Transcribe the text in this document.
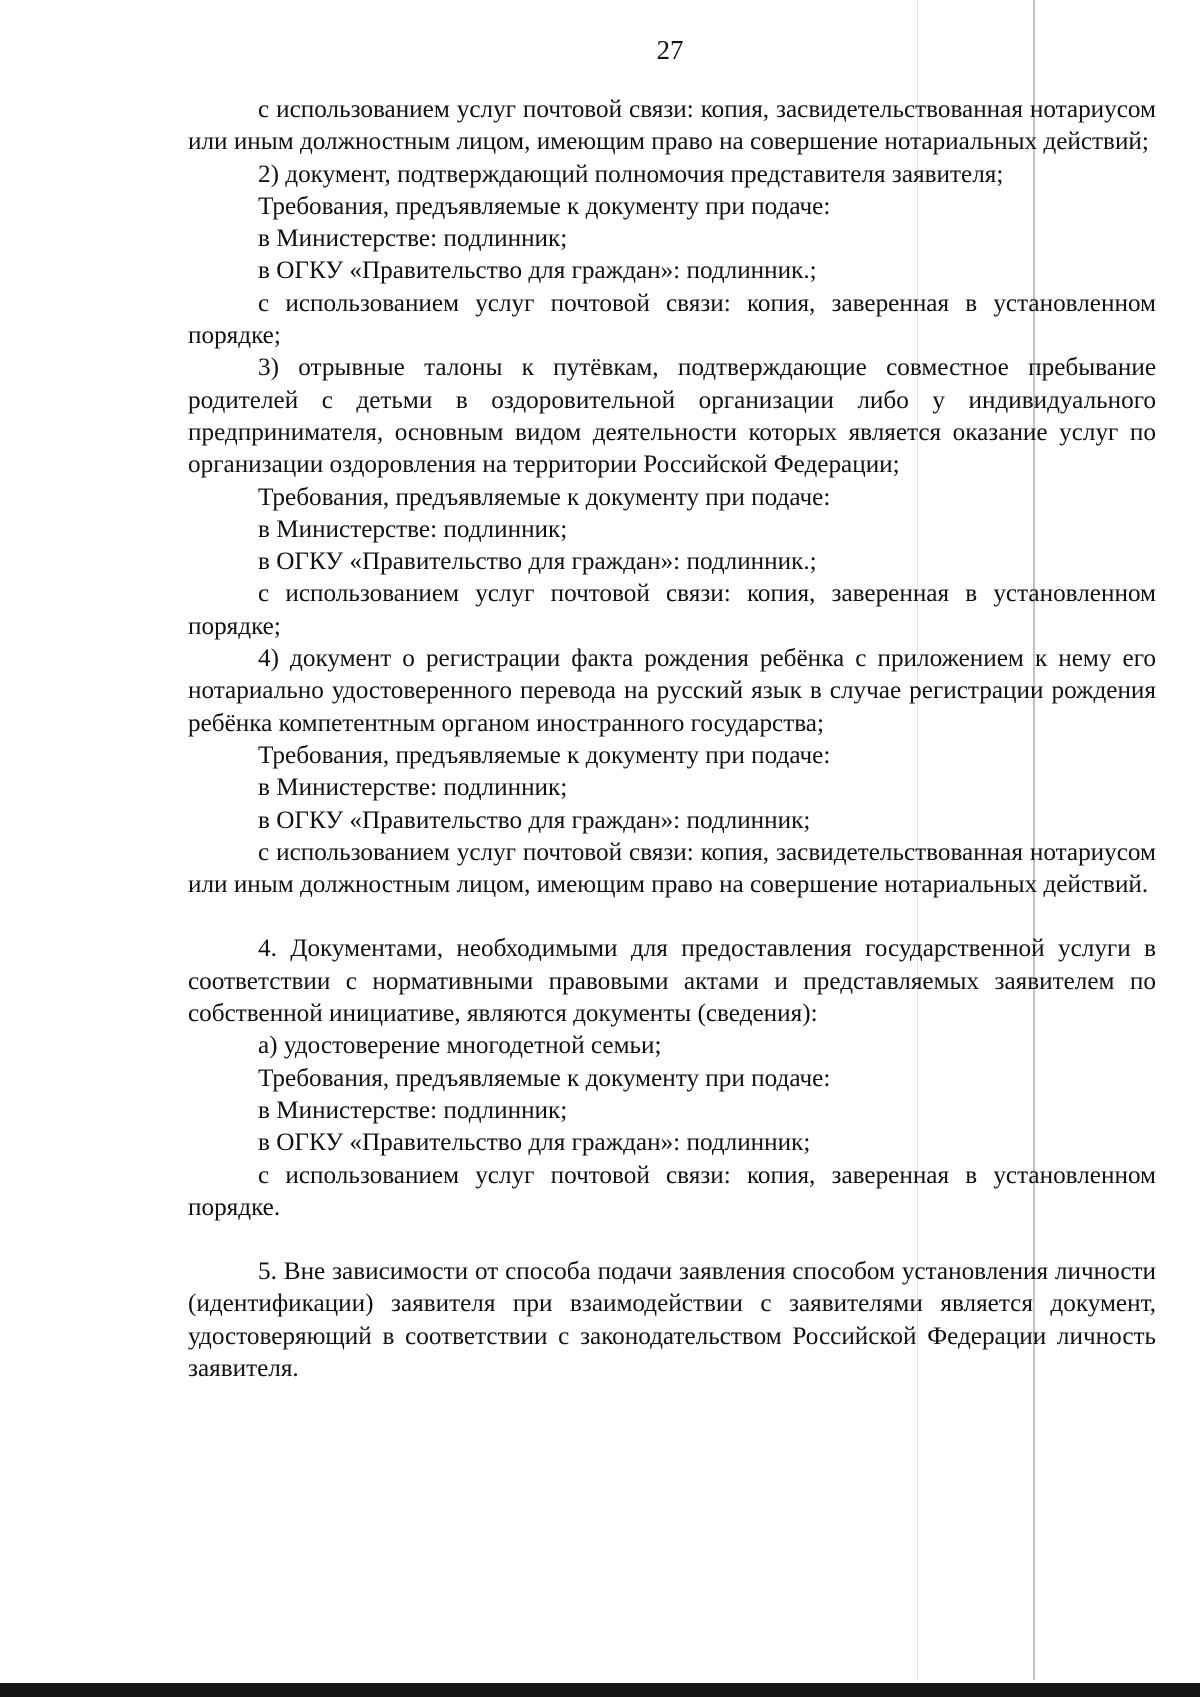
27

с использованием услуг почтовой связи: копия, засвидетельствованная нотариусом или иным должностным лицом, имеющим право на совершение нотариальных действий;

2) документ, подтверждающий полномочия представителя заявителя;

Требования, предъявляемые к документу при подаче:

в Министерстве: подлинник;

в ОГКУ «Правительство для граждан»: подлинник.;

с использованием услуг почтовой связи: копия, заверенная в установленном порядке;

3) отрывные талоны к путёвкам, подтверждающие совместное пребывание родителей с детьми в оздоровительной организации либо у индивидуального предпринимателя, основным видом деятельности которых является оказание услуг по организации оздоровления на территории Российской Федерации;

Требования, предъявляемые к документу при подаче:

в Министерстве: подлинник;

в ОГКУ «Правительство для граждан»: подлинник.;

с использованием услуг почтовой связи: копия, заверенная в установленном порядке;

4) документ о регистрации факта рождения ребёнка с приложением к нему его нотариально удостоверенного перевода на русский язык в случае регистрации рождения ребёнка компетентным органом иностранного государства;

Требования, предъявляемые к документу при подаче:

в Министерстве: подлинник;

в ОГКУ «Правительство для граждан»: подлинник;

с использованием услуг почтовой связи: копия, засвидетельствованная нотариусом или иным должностным лицом, имеющим право на совершение нотариальных действий.

4. Документами, необходимыми для предоставления государственной услуги в соответствии с нормативными правовыми актами и представляемых заявителем по собственной инициативе, являются документы (сведения):

а) удостоверение многодетной семьи;

Требования, предъявляемые к документу при подаче:

в Министерстве: подлинник;

в ОГКУ «Правительство для граждан»: подлинник;

с использованием услуг почтовой связи: копия, заверенная в установленном порядке.

5. Вне зависимости от способа подачи заявления способом установления личности (идентификации) заявителя при взаимодействии с заявителями является документ, удостоверяющий в соответствии с законодательством Российской Федерации личность заявителя.
